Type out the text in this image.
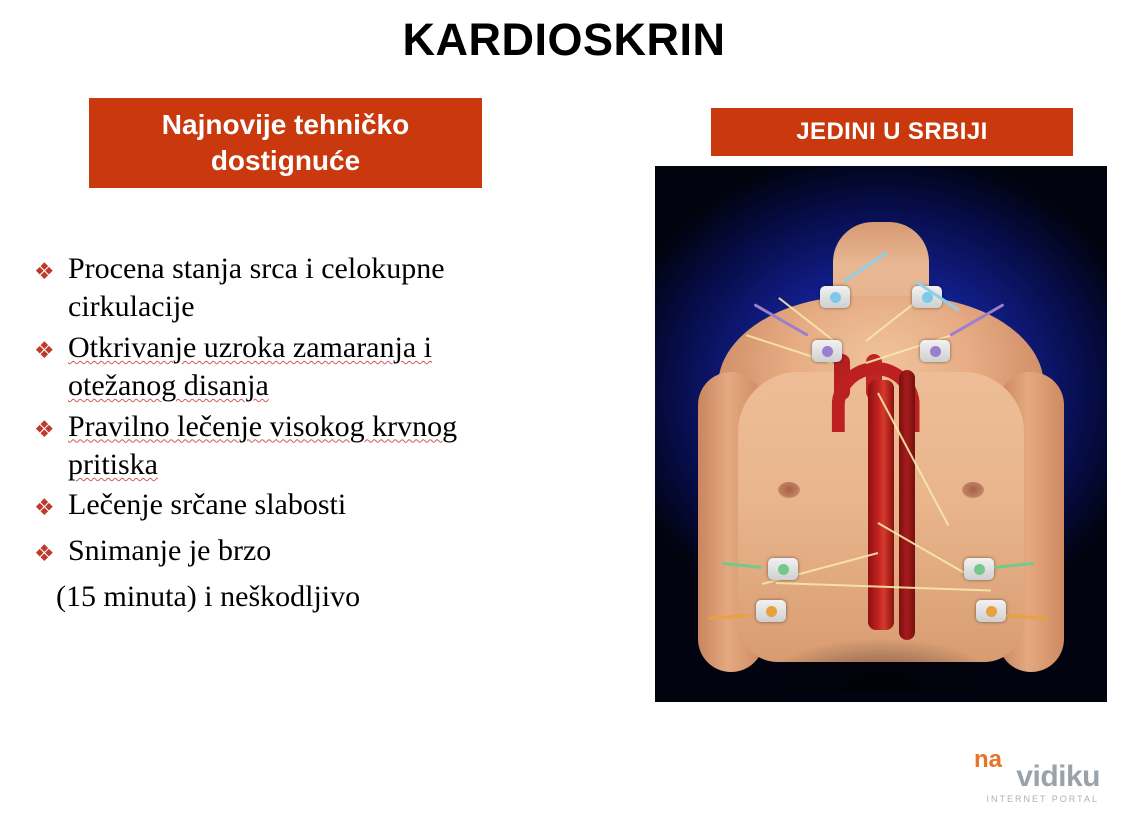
KARDIOSKRIN
Najnovije tehničko dostignuće
❖ Procena stanja srca i celokupne
cirkulacije
❖ Otkrivanje uzroka zamaranja i
otežanog disanja
❖ Pravilno lečenje visokog krvnog
pritiska
❖ Lečenje srčane slabosti
❖ Snimanje je brzo
(15 minuta) i neškodljivo
JEDINI U SRBIJI
na
vidiku
INTERNET PORTAL
